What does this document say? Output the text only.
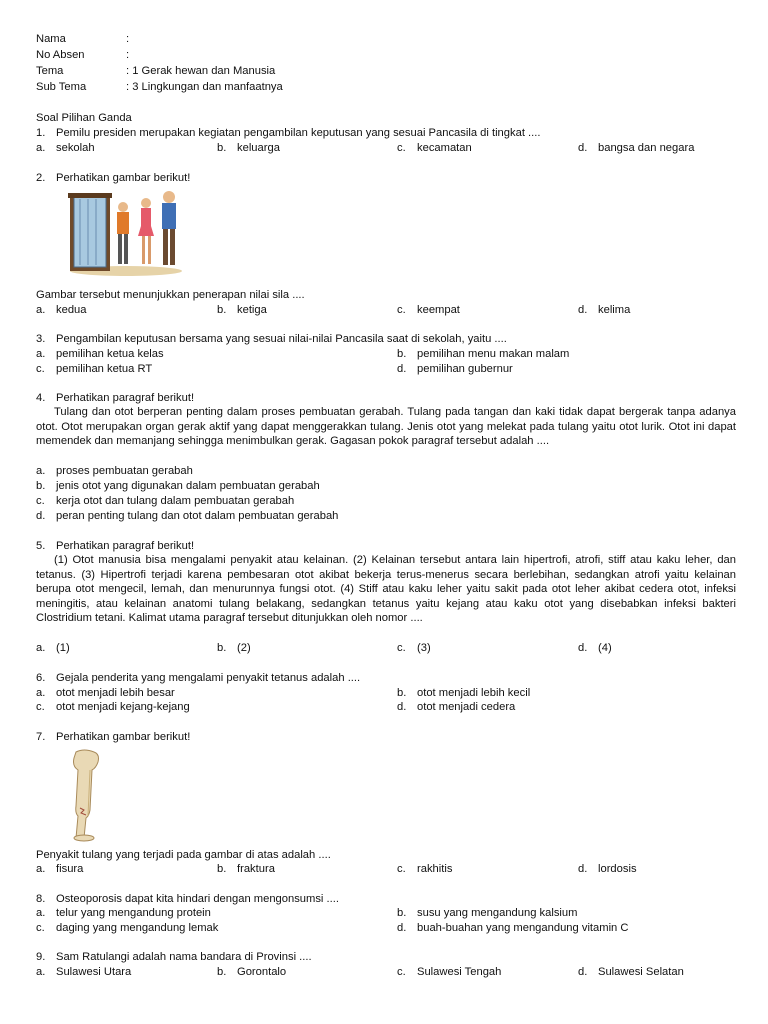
Nama	:
No Absen	:
Tema	: 1 Gerak hewan dan Manusia
Sub Tema	: 3 Lingkungan dan manfaatnya
Soal Pilihan Ganda
1. Pemilu presiden merupakan kegiatan pengambilan keputusan yang sesuai Pancasila di tingkat ....
a. sekolah	b. keluarga	c. kecamatan	d. bangsa dan negara
2. Perhatikan gambar berikut!
Gambar tersebut menunjukkan penerapan nilai sila ....
a. kedua	b. ketiga	c. keempat	d. kelima
3. Pengambilan keputusan bersama yang sesuai nilai-nilai Pancasila saat di sekolah, yaitu ....
a. pemilihan ketua kelas	b. pemilihan menu makan malam
c. pemilihan ketua RT	d. pemilihan gubernur
4. Perhatikan paragraf berikut!
Tulang dan otot berperan penting dalam proses pembuatan gerabah. Tulang pada tangan dan kaki tidak dapat bergerak tanpa adanya otot. Otot merupakan organ gerak aktif yang dapat menggerakkan tulang. Jenis otot yang melekat pada tulang yaitu otot lurik. Otot ini dapat memendek dan memanjang sehingga menimbulkan gerak. Gagasan pokok paragraf tersebut adalah ....
a. proses pembuatan gerabah
b. jenis otot yang digunakan dalam pembuatan gerabah
c. kerja otot dan tulang dalam pembuatan gerabah
d. peran penting tulang dan otot dalam pembuatan gerabah
5. Perhatikan paragraf berikut!
(1) Otot manusia bisa mengalami penyakit atau kelainan. (2) Kelainan tersebut antara lain hipertrofi, atrofi, stiff atau kaku leher, dan tetanus. (3) Hipertrofi terjadi karena pembesaran otot akibat bekerja terus-menerus secara berlebihan, sedangkan atrofi yaitu kelainan berupa otot mengecil, lemah, dan menurunnya fungsi otot. (4) Stiff atau kaku leher yaitu sakit pada otot leher akibat cedera otot, infeksi meningitis, atau kelainan anatomi tulang belakang, sedangkan tetanus yaitu kejang atau kaku otot yang disebabkan infeksi bakteri Clostridium tetani. Kalimat utama paragraf tersebut ditunjukkan oleh nomor ....
a. (1)	b. (2)	c. (3)	d. (4)
6. Gejala penderita yang mengalami penyakit tetanus adalah ....
a. otot menjadi lebih besar	b. otot menjadi lebih kecil
c. otot menjadi kejang-kejang	d. otot menjadi cedera
7. Perhatikan gambar berikut!
Penyakit tulang yang terjadi pada gambar di atas adalah ....
a. fisura	b. fraktura	c. rakhitis	d. lordosis
8. Osteoporosis dapat kita hindari dengan mengonsumsi ....
a. telur yang mengandung protein	b. susu yang mengandung kalsium
c. daging yang mengandung lemak	d. buah-buahan yang mengandung vitamin C
9. Sam Ratulangi adalah nama bandara di Provinsi ....
a. Sulawesi Utara	b. Gorontalo	c. Sulawesi Tengah	d. Sulawesi Selatan
